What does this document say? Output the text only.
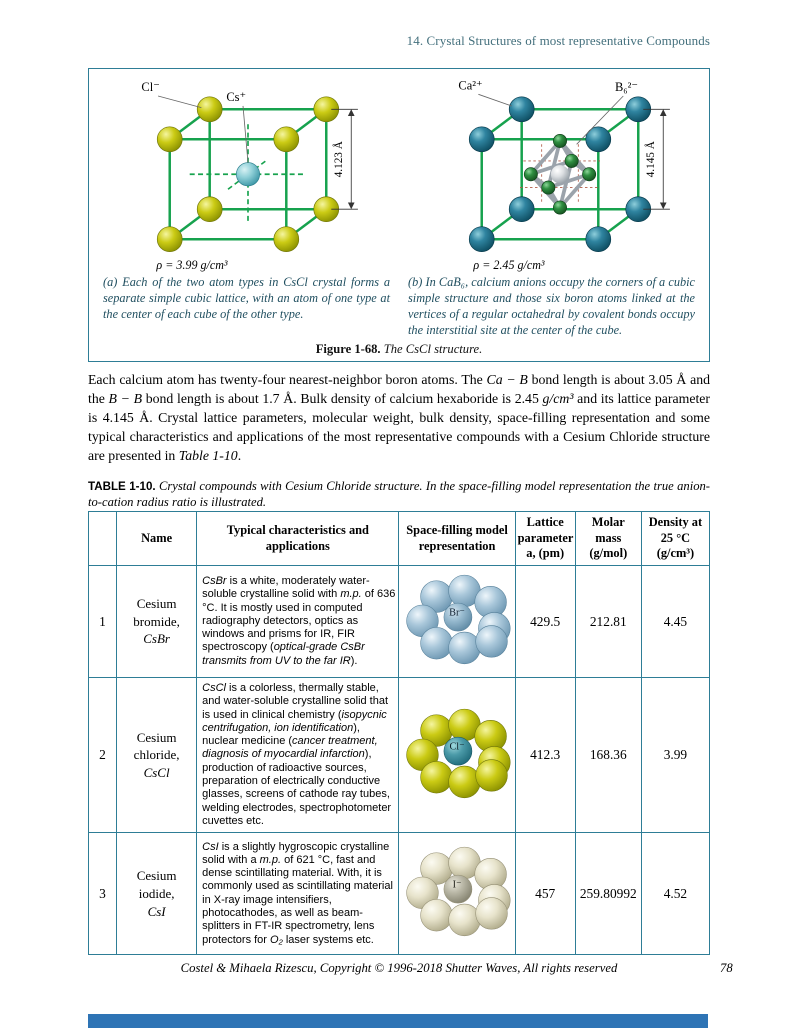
14. Crystal Structures of most representative Compounds
Cl⁻
Cs⁺
4.123 Å
ρ = 3.99 g/cm³
Ca²⁺	B₆²⁻
4.145 Å
ρ = 2.45 g/cm³
(a) Each of the two atom types in CsCl crystal forms a separate simple cubic lattice, with an atom of one type at the center of each cube of the other type.
(b) In CaB₆, calcium anions occupy the corners of a cubic simple structure and those six boron atoms linked at the vertices of a regular octahedral by covalent bonds occupy the interstitial site at the center of the cube.
Figure 1-68. The CsCl structure.

Each calcium atom has twenty-four nearest-neighbor boron atoms. The Ca − B bond length is about 3.05 Å and the B − B bond length is about 1.7 Å. Bulk density of calcium hexaboride is 2.45 g/cm³ and its lattice parameter is 4.145 Å. Crystal lattice parameters, molecular weight, bulk density, space-filling representation and some typical characteristics and applications of the most representative compounds with a Cesium Chloride structure are presented in Table 1-10.

TABLE 1-10. Crystal compounds with Cesium Chloride structure. In the space-filling model representation the true anion-to-cation radius ratio is illustrated.
	Name	Typical characteristics and applications	Space-filling model representation	Lattice parameter a, (pm)	Molar mass (g/mol)	Density at 25 °C (g/cm³)
1	Cesium bromide,
CsBr	CsBr is a white, moderately water-soluble crystalline solid with m.p. of 636 °C. It is mostly used in computed radiography detectors, optics as windows and prisms for IR, FIR spectroscopy (optical-grade CsBr transmits from UV to the far IR).	Br⁻	429.5	212.81	4.45
2	Cesium chloride,
CsCl	CsCl is a colorless, thermally stable, and water-soluble crystalline solid that is used in clinical chemistry (isopycnic centrifugation, ion identification), nuclear medicine (cancer treatment, diagnosis of myocardial infarction), production of radioactive sources, preparation of electrically conductive glasses, screens of cathode ray tubes, welding electrodes, spectrophotometer cuvettes etc.	Cl⁻	412.3	168.36	3.99
3	Cesium iodide,
CsI	CsI is a slightly hygroscopic crystalline solid with a m.p. of 621 °C, fast and dense scintillating material. With, it is commonly used as scintillating material in X-ray image intensifiers, photocathodes, as well as beam-splitters in FT-IR spectrometry, lens protectors for O₂ laser systems etc.	I⁻	457	259.80992	4.52
Costel & Mihaela Rizescu, Copyright © 1996-2018 Shutter Waves, All rights reserved	78
